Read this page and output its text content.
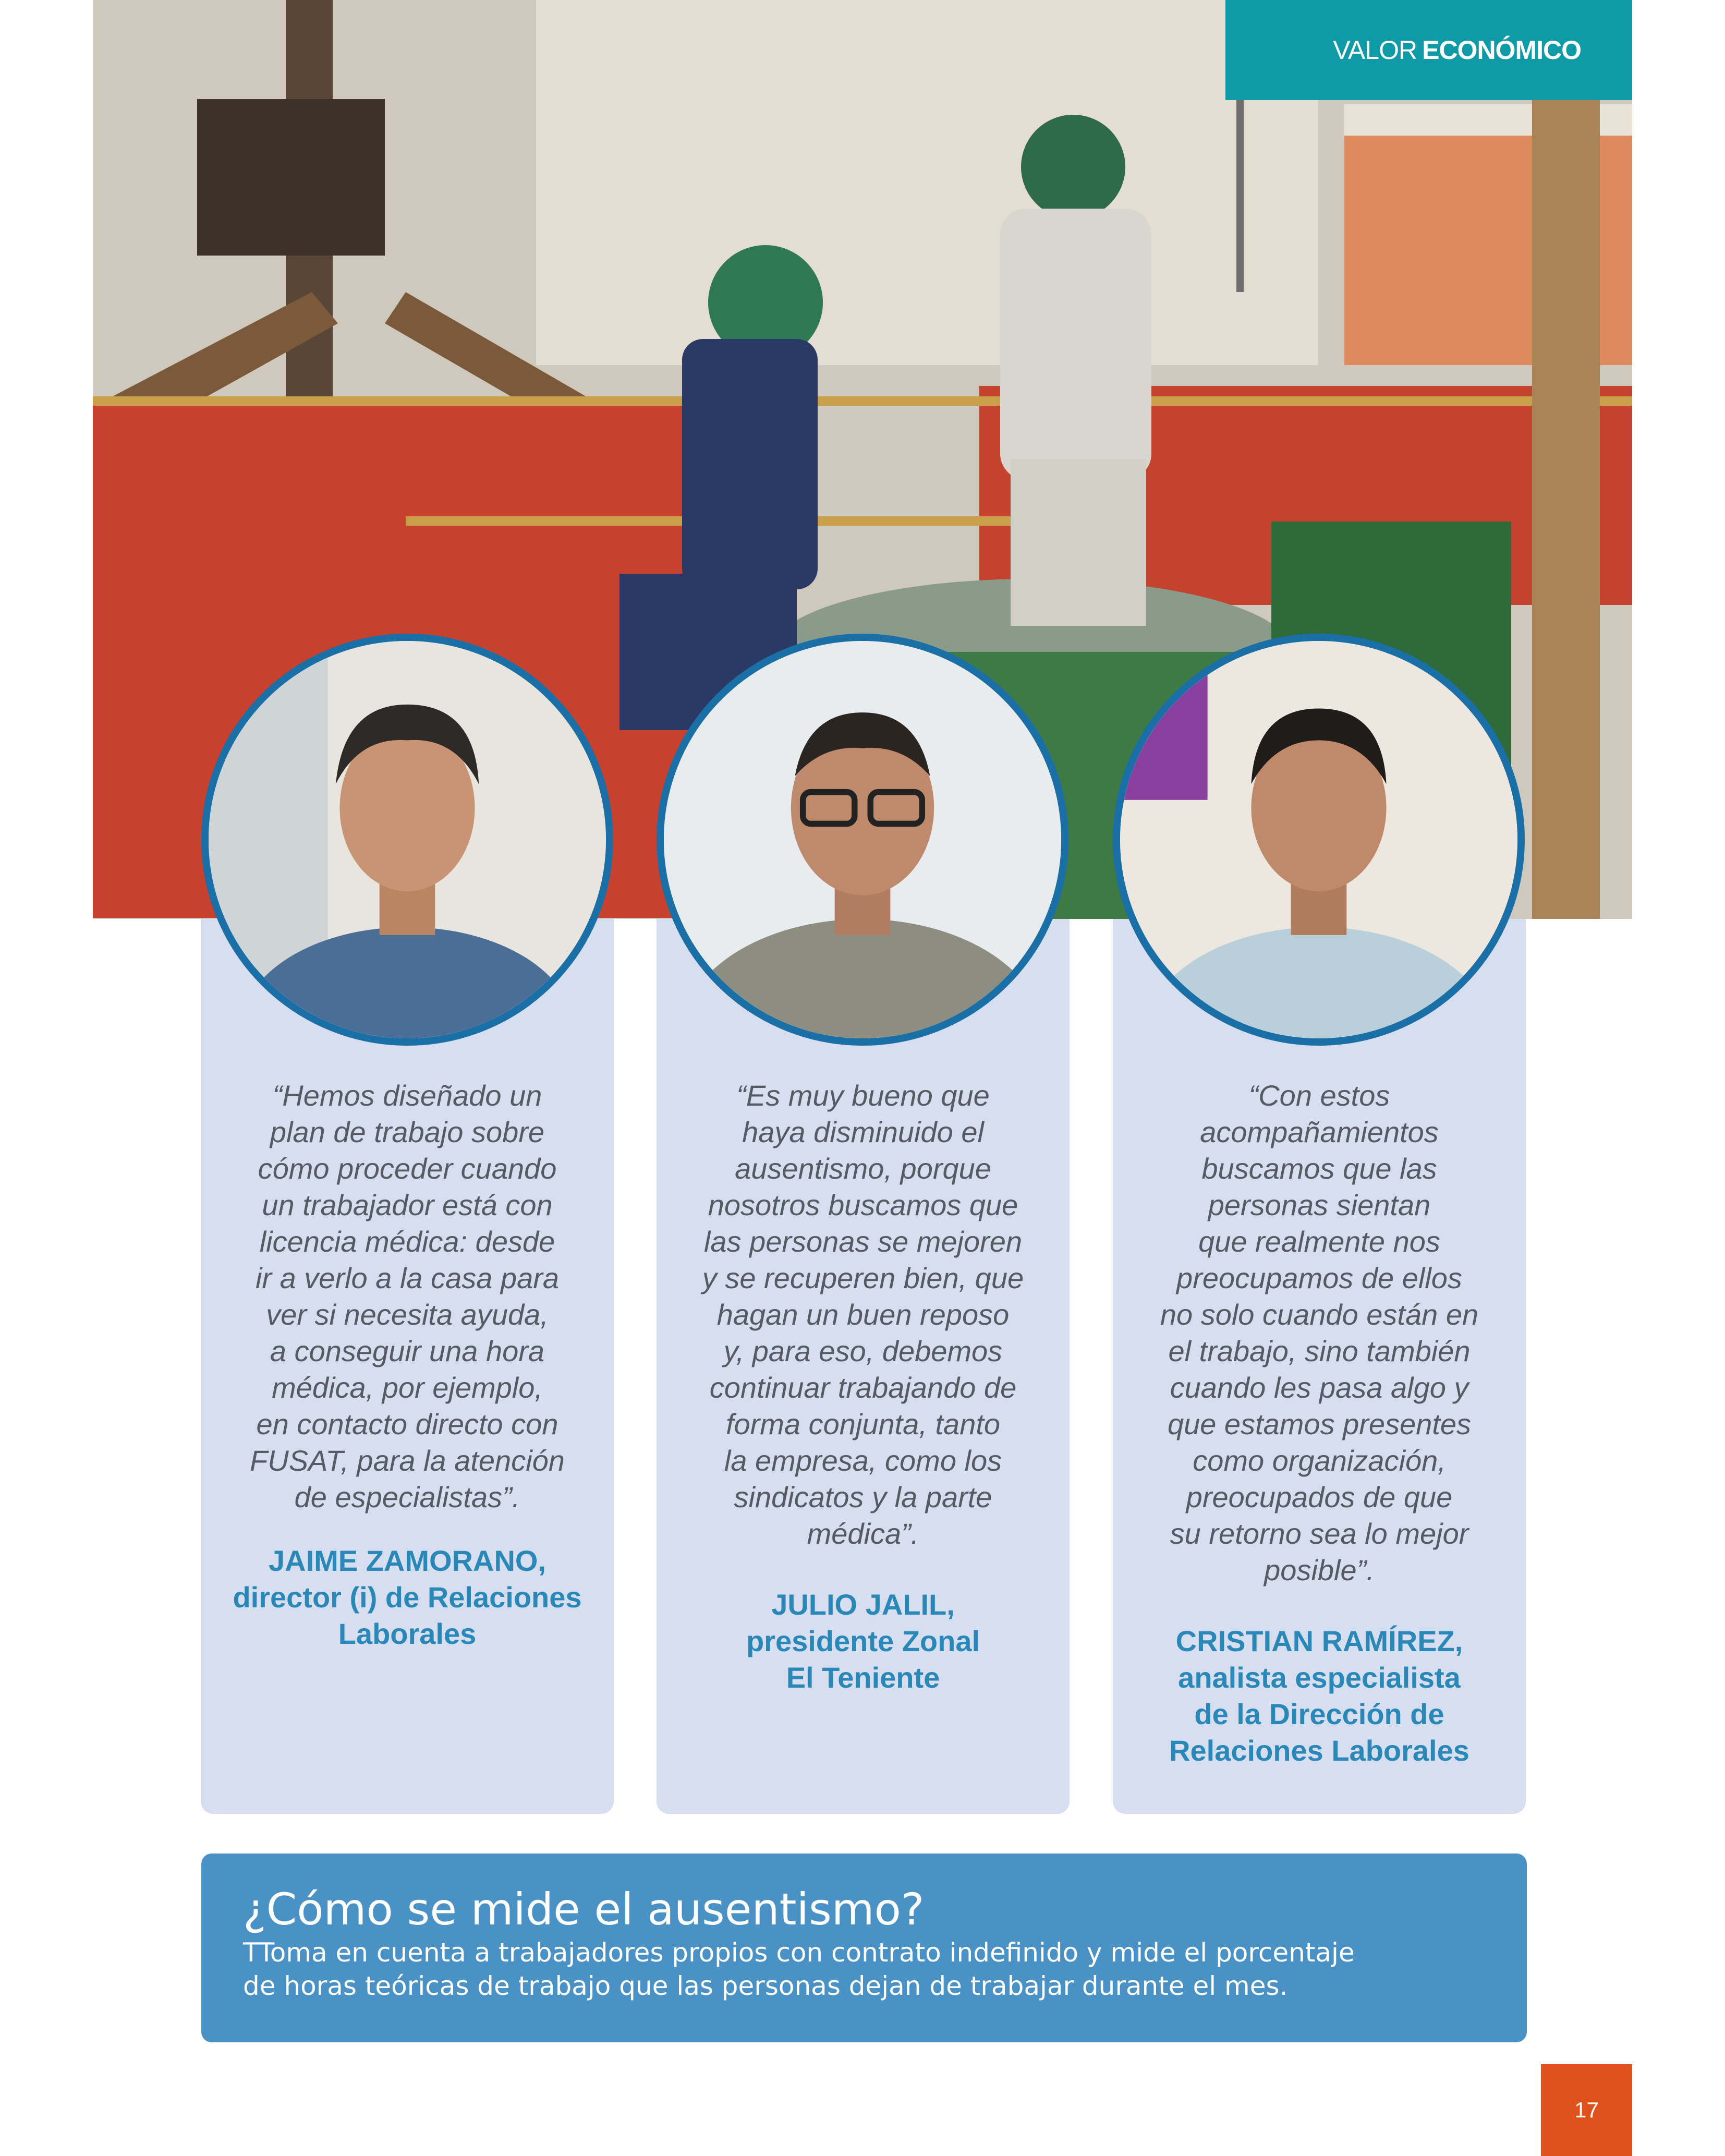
VALOR ECONÓMICO
“Hemos diseñado un
plan de trabajo sobre
cómo proceder cuando
un trabajador está con
licencia médica: desde
ir a verlo a la casa para
ver si necesita ayuda,
a conseguir una hora
médica, por ejemplo,
en contacto directo con
FUSAT, para la atención
de especialistas”.
JAIME ZAMORANO,
director (i) de Relaciones
Laborales
“Es muy bueno que
haya disminuido el
ausentismo, porque
nosotros buscamos que
las personas se mejoren
y se recuperen bien, que
hagan un buen reposo
y, para eso, debemos
continuar trabajando de
forma conjunta, tanto
la empresa, como los
sindicatos y la parte
médica”.
JULIO JALIL,
presidente Zonal
El Teniente
“Con estos
acompañamientos
buscamos que las
personas sientan
que realmente nos
preocupamos de ellos
no solo cuando están en
el trabajo, sino también
cuando les pasa algo y
que estamos presentes
como organización,
preocupados de que
su retorno sea lo mejor
posible”.
CRISTIAN RAMÍREZ,
analista especialista
de la Dirección de
Relaciones Laborales
¿Cómo se mide el ausentismo?

TToma en cuenta a trabajadores propios con contrato indefinido y mide el porcentaje
de horas teóricas de trabajo que las personas dejan de trabajar durante el mes.

17
